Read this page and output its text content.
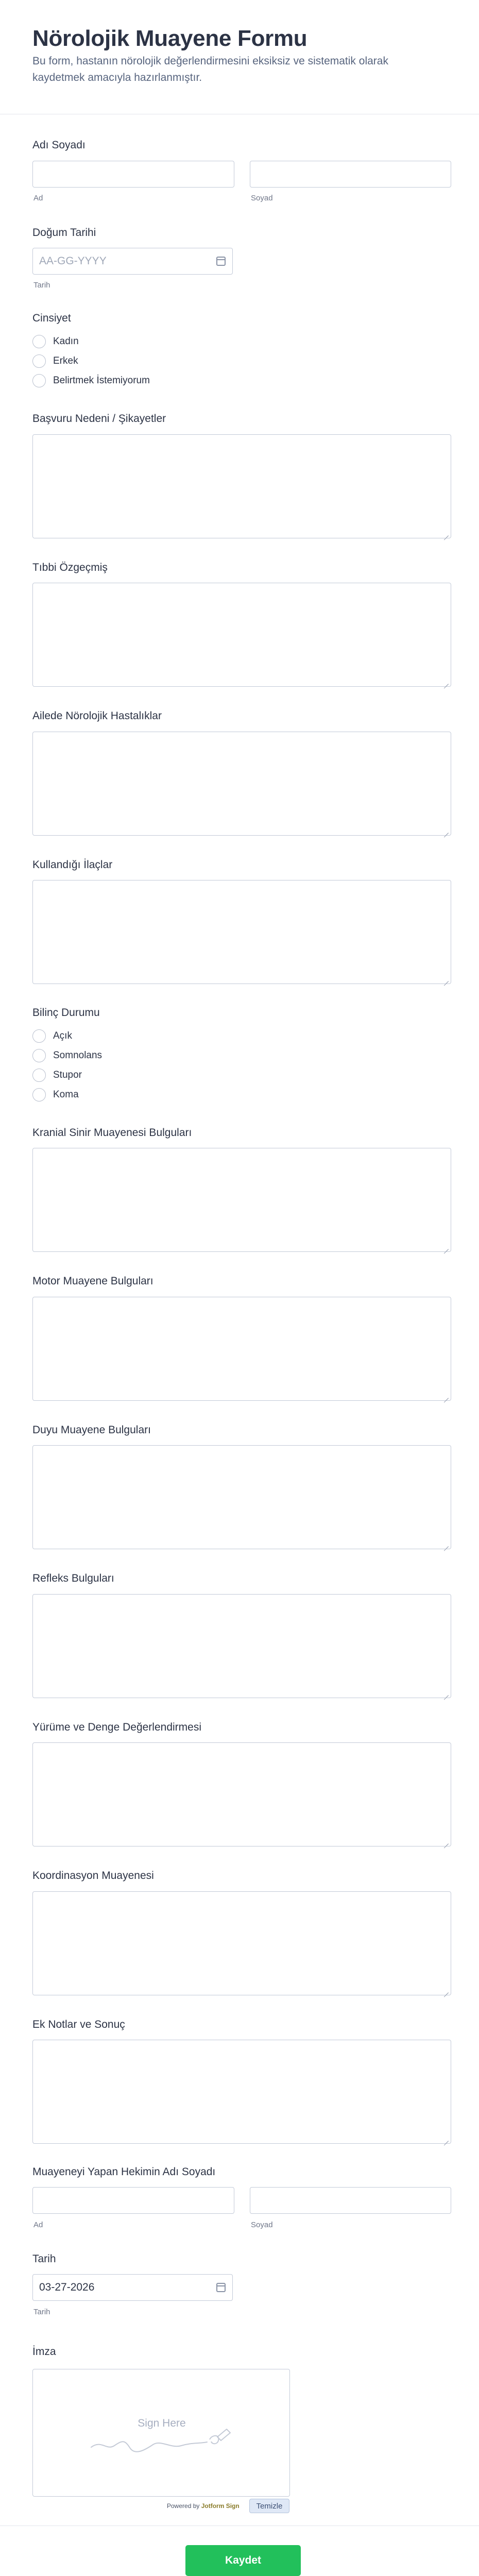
Nörolojik Muayene Formu
Bu form, hastanın nörolojik değerlendirmesini eksiksiz ve sistematik olarak kaydetmek amacıyla hazırlanmıştır.
Adı Soyadı
Ad	Soyad
Doğum Tarihi
AA-GG-YYYY
Tarih
Cinsiyet
Kadın
Erkek
Belirtmek İstemiyorum
Başvuru Nedeni / Şikayetler
Tıbbi Özgeçmiş
Ailede Nörolojik Hastalıklar
Kullandığı İlaçlar
Bilinç Durumu
Açık
Somnolans
Stupor
Koma
Kranial Sinir Muayenesi Bulguları
Motor Muayene Bulguları
Duyu Muayene Bulguları
Refleks Bulguları
Yürüme ve Denge Değerlendirmesi
Koordinasyon Muayenesi
Ek Notlar ve Sonuç
Muayeneyi Yapan Hekimin Adı Soyadı
Ad	Soyad
Tarih
03-27-2026
Tarih
İmza
Sign Here
Powered by Jotform Sign	Temizle
Kaydet
